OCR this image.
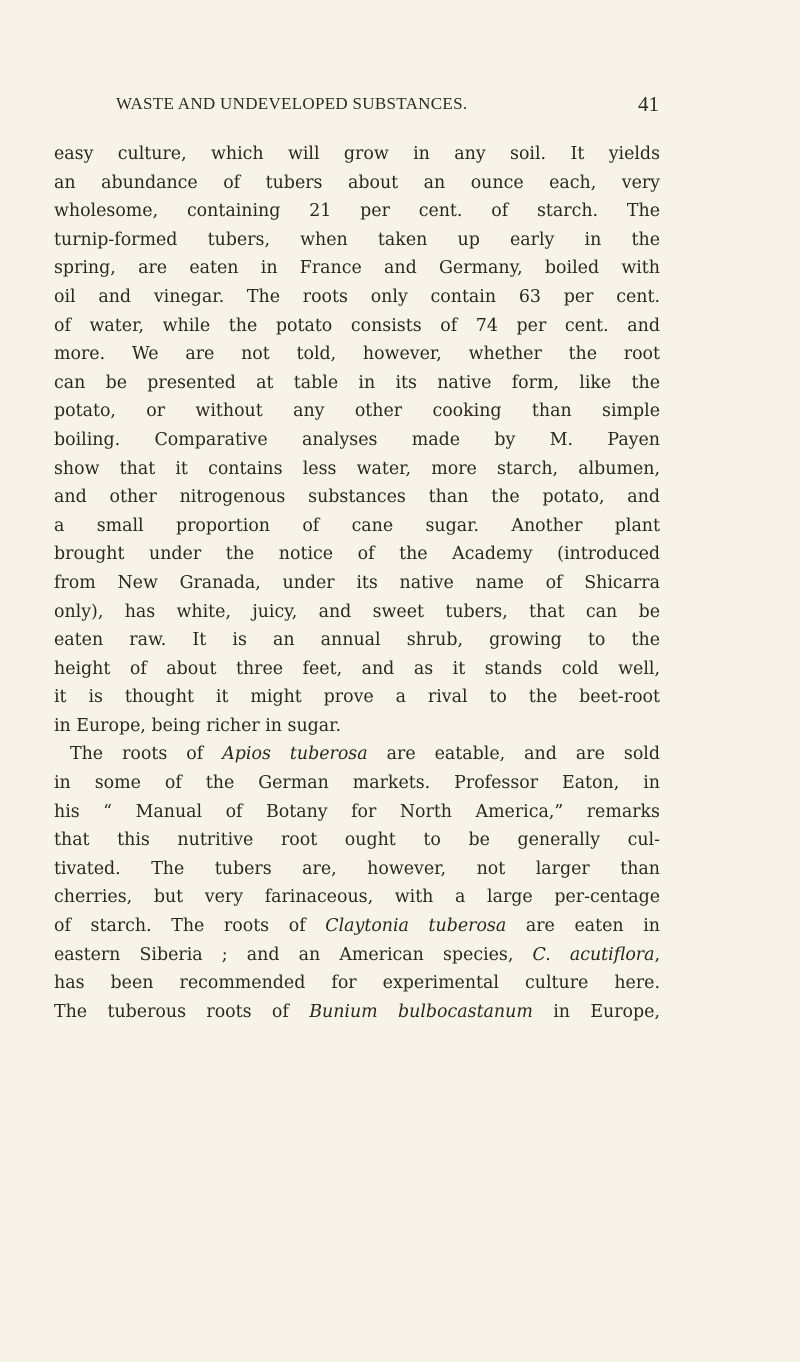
WASTE AND UNDEVELOPED SUBSTANCES.	41
easy culture, which will grow in any soil. It yields
an abundance of tubers about an ounce each, very
wholesome, containing 21 per cent. of starch. The
turnip-formed tubers, when taken up early in the
spring, are eaten in France and Germany, boiled with
oil and vinegar. The roots only contain 63 per cent.
of water, while the potato consists of 74 per cent. and
more. We are not told, however, whether the root
can be presented at table in its native form, like the
potato, or without any other cooking than simple
boiling. Comparative analyses made by M. Payen
show that it contains less water, more starch, albumen,
and other nitrogenous substances than the potato, and
a small proportion of cane sugar. Another plant
brought under the notice of the Academy (introduced
from New Granada, under its native name of Shicarra
only), has white, juicy, and sweet tubers, that can be
eaten raw. It is an annual shrub, growing to the
height of about three feet, and as it stands cold well,
it is thought it might prove a rival to the beet-root
in Europe, being richer in sugar.
The roots of Apios tuberosa are eatable, and are sold
in some of the German markets. Professor Eaton, in
his “ Manual of Botany for North America,” remarks
that this nutritive root ought to be generally cul-
tivated. The tubers are, however, not larger than
cherries, but very farinaceous, with a large per-centage
of starch. The roots of Claytonia tuberosa are eaten in
eastern Siberia ; and an American species, C. acutiflora,
has been recommended for experimental culture here.
The tuberous roots of Bunium bulbocastanum in Europe,
